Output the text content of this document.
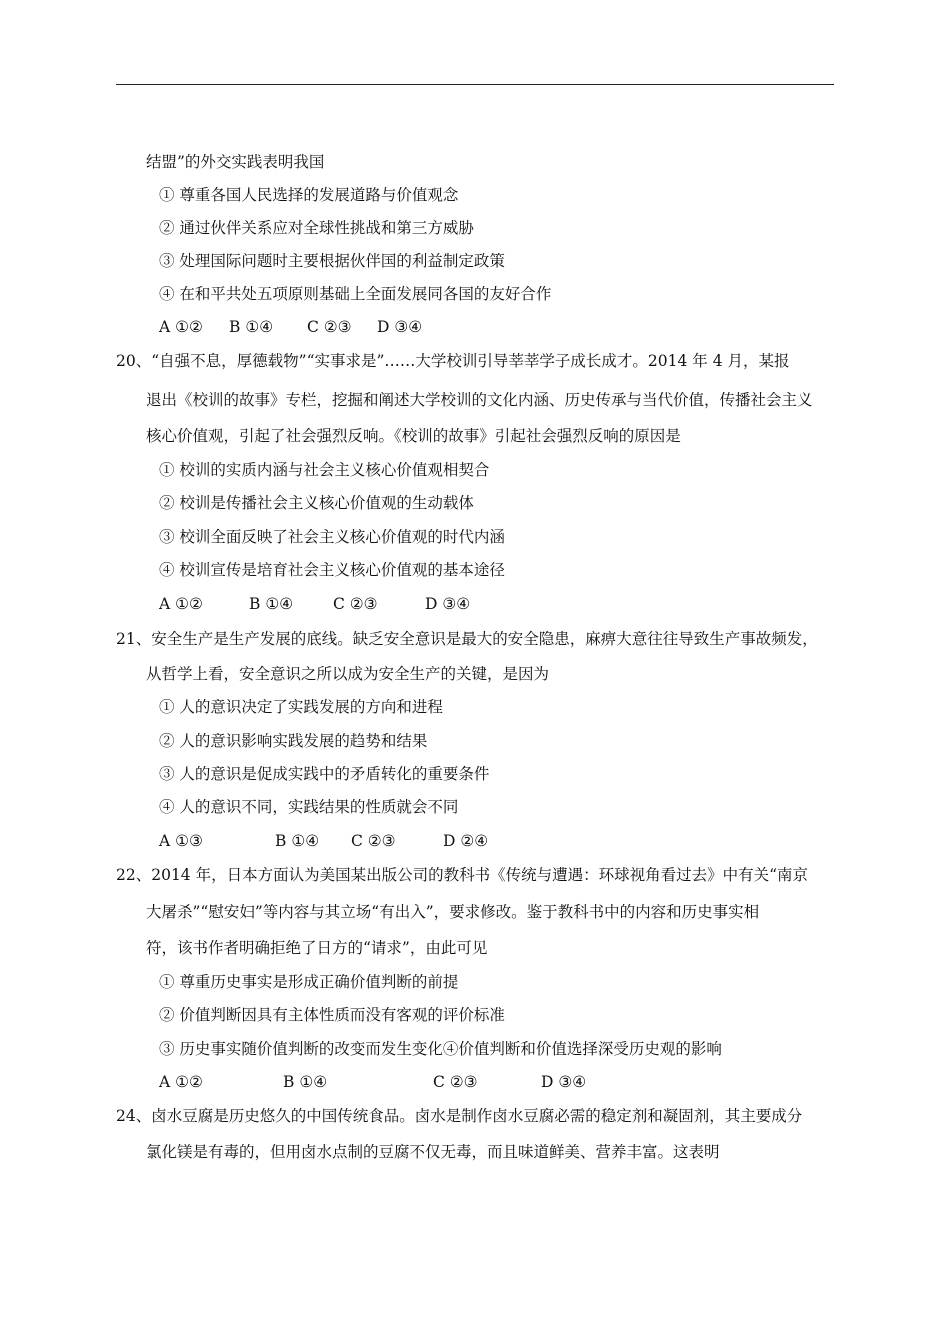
结盟”的外交实践表明我国
① 尊重各国人民选择的发展道路与价值观念
② 通过伙伴关系应对全球性挑战和第三方威胁
③ 处理国际问题时主要根据伙伴国的利益制定政策
④ 在和平共处五项原则基础上全面发展同各国的友好合作
A ①② B ①④ C ②③ D ③④
20、“自强不息，厚德载物”“实事求是”……大学校训引导莘莘学子成长成才。2014 年 4 月，某报
退出《校训的故事》专栏，挖掘和阐述大学校训的文化内涵、历史传承与当代价值，传播社会主义
核心价值观，引起了社会强烈反响。《校训的故事》引起社会强烈反响的原因是
① 校训的实质内涵与社会主义核心价值观相契合
② 校训是传播社会主义核心价值观的生动载体
③ 校训全面反映了社会主义核心价值观的时代内涵
④ 校训宣传是培育社会主义核心价值观的基本途径
A ①②	B ①④	C ②③	D ③④
21、安全生产是生产发展的底线。缺乏安全意识是最大的安全隐患，麻痹大意往往导致生产事故频发，
从哲学上看，安全意识之所以成为安全生产的关键，是因为
① 人的意识决定了实践发展的方向和进程
② 人的意识影响实践发展的趋势和结果
③ 人的意识是促成实践中的矛盾转化的重要条件
④ 人的意识不同，实践结果的性质就会不同
A ①③	B ①④ C ②③	D ②④
22、2014 年，日本方面认为美国某出版公司的教科书《传统与遭遇：环球视角看过去》中有关“南京
大屠杀”“慰安妇”等内容与其立场“有出入”，要求修改。鉴于教科书中的内容和历史事实相
符，该书作者明确拒绝了日方的“请求”，由此可见
① 尊重历史事实是形成正确价值判断的前提
② 价值判断因具有主体性质而没有客观的评价标准
③ 历史事实随价值判断的改变而发生变化④价值判断和价值选择深受历史观的影响
A ①②	B ①④	C ②③	D ③④
24、卤水豆腐是历史悠久的中国传统食品。卤水是制作卤水豆腐必需的稳定剂和凝固剂，其主要成分
氯化镁是有毒的，但用卤水点制的豆腐不仅无毒，而且味道鲜美、营养丰富。这表明
